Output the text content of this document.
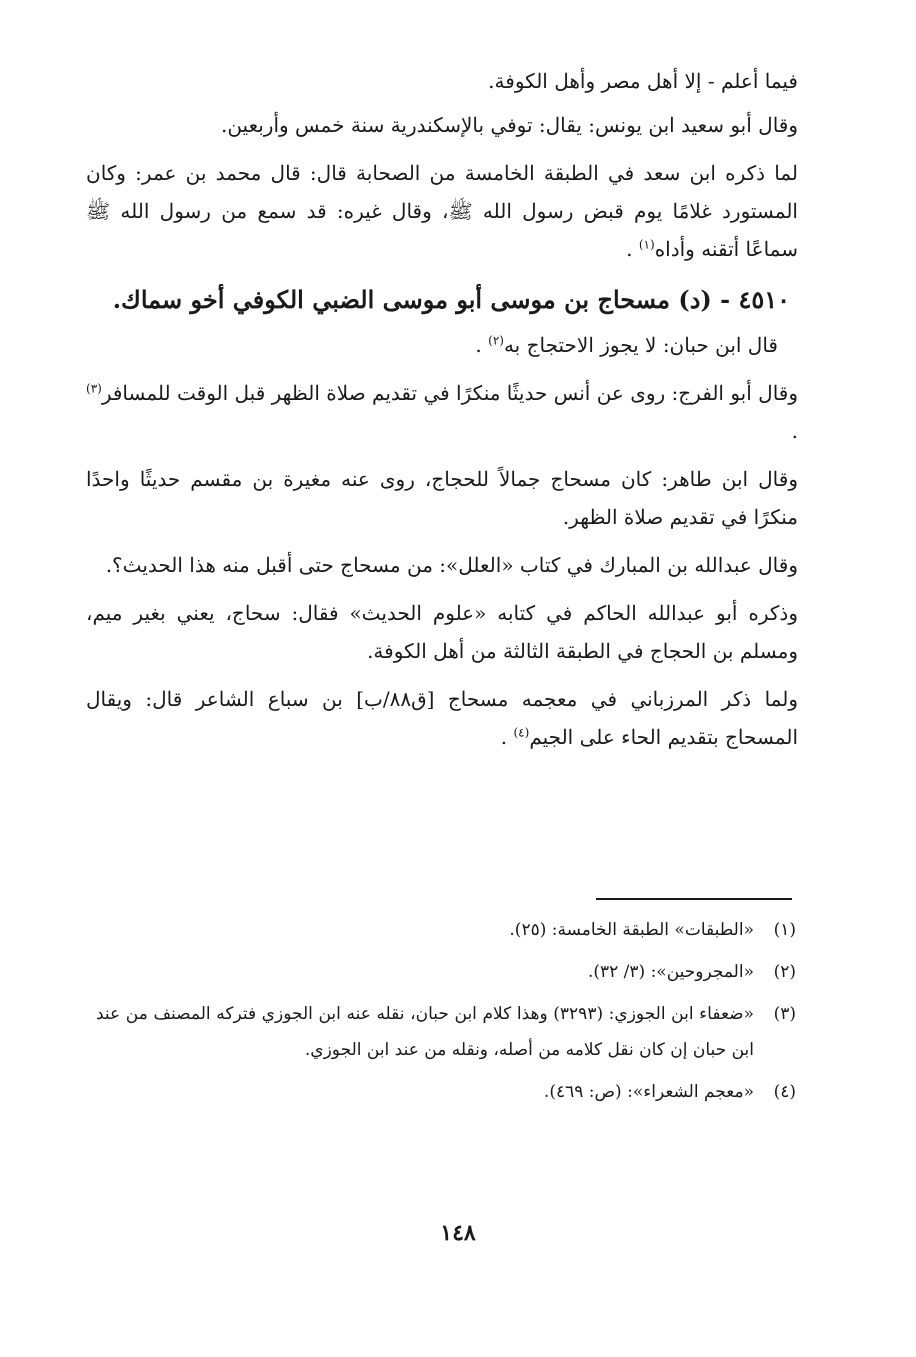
فيما أعلم - إلا أهل مصر وأهل الكوفة.

وقال أبو سعيد ابن يونس: يقال: توفي بالإسكندرية سنة خمس وأربعين.

لما ذكره ابن سعد في الطبقة الخامسة من الصحابة قال: قال محمد بن عمر: وكان المستورد غلامًا يوم قبض رسول الله ﷺ، وقال غيره: قد سمع من رسول الله ﷺ سماعًا أتقنه وأداه$^{(١)}$ .

٤٥١٠ - (د) مسحاج بن موسى أبو موسى الضبي الكوفي أخو سماك.

قال ابن حبان: لا يجوز الاحتجاج به$^{(٢)}$ .

وقال أبو الفرج: روى عن أنس حديثًا منكرًا في تقديم صلاة الظهر قبل الوقت للمسافر$^{(٣)}$ .

وقال ابن طاهر: كان مسحاج جمالاً للحجاج، روى عنه مغيرة بن مقسم حديثًا واحدًا منكرًا في تقديم صلاة الظهر.

وقال عبدالله بن المبارك في كتاب «العلل»: من مسحاج حتى أقبل منه هذا الحديث؟.

وذكره أبو عبدالله الحاكم في كتابه «علوم الحديث» فقال: سحاج، يعني بغير ميم، ومسلم بن الحجاج في الطبقة الثالثة من أهل الكوفة.

ولما ذكر المرزباني في معجمه مسحاج [ق٨٨/ب] بن سباع الشاعر قال: ويقال المسحاج بتقديم الحاء على الجيم$^{(٤)}$ .

(١)
«الطبقات» الطبقة الخامسة: (٢٥).

(٢)
«المجروحين»: (٣/ ٣٢).

(٣)
«ضعفاء ابن الجوزي: (٣٢٩٣) وهذا كلام ابن حبان، نقله عنه ابن الجوزي فتركه المصنف من عند ابن حبان إن كان نقل كلامه من أصله، ونقله من عند ابن الجوزي.

(٤)
«معجم الشعراء»: (ص: ٤٦٩).

١٤٨
